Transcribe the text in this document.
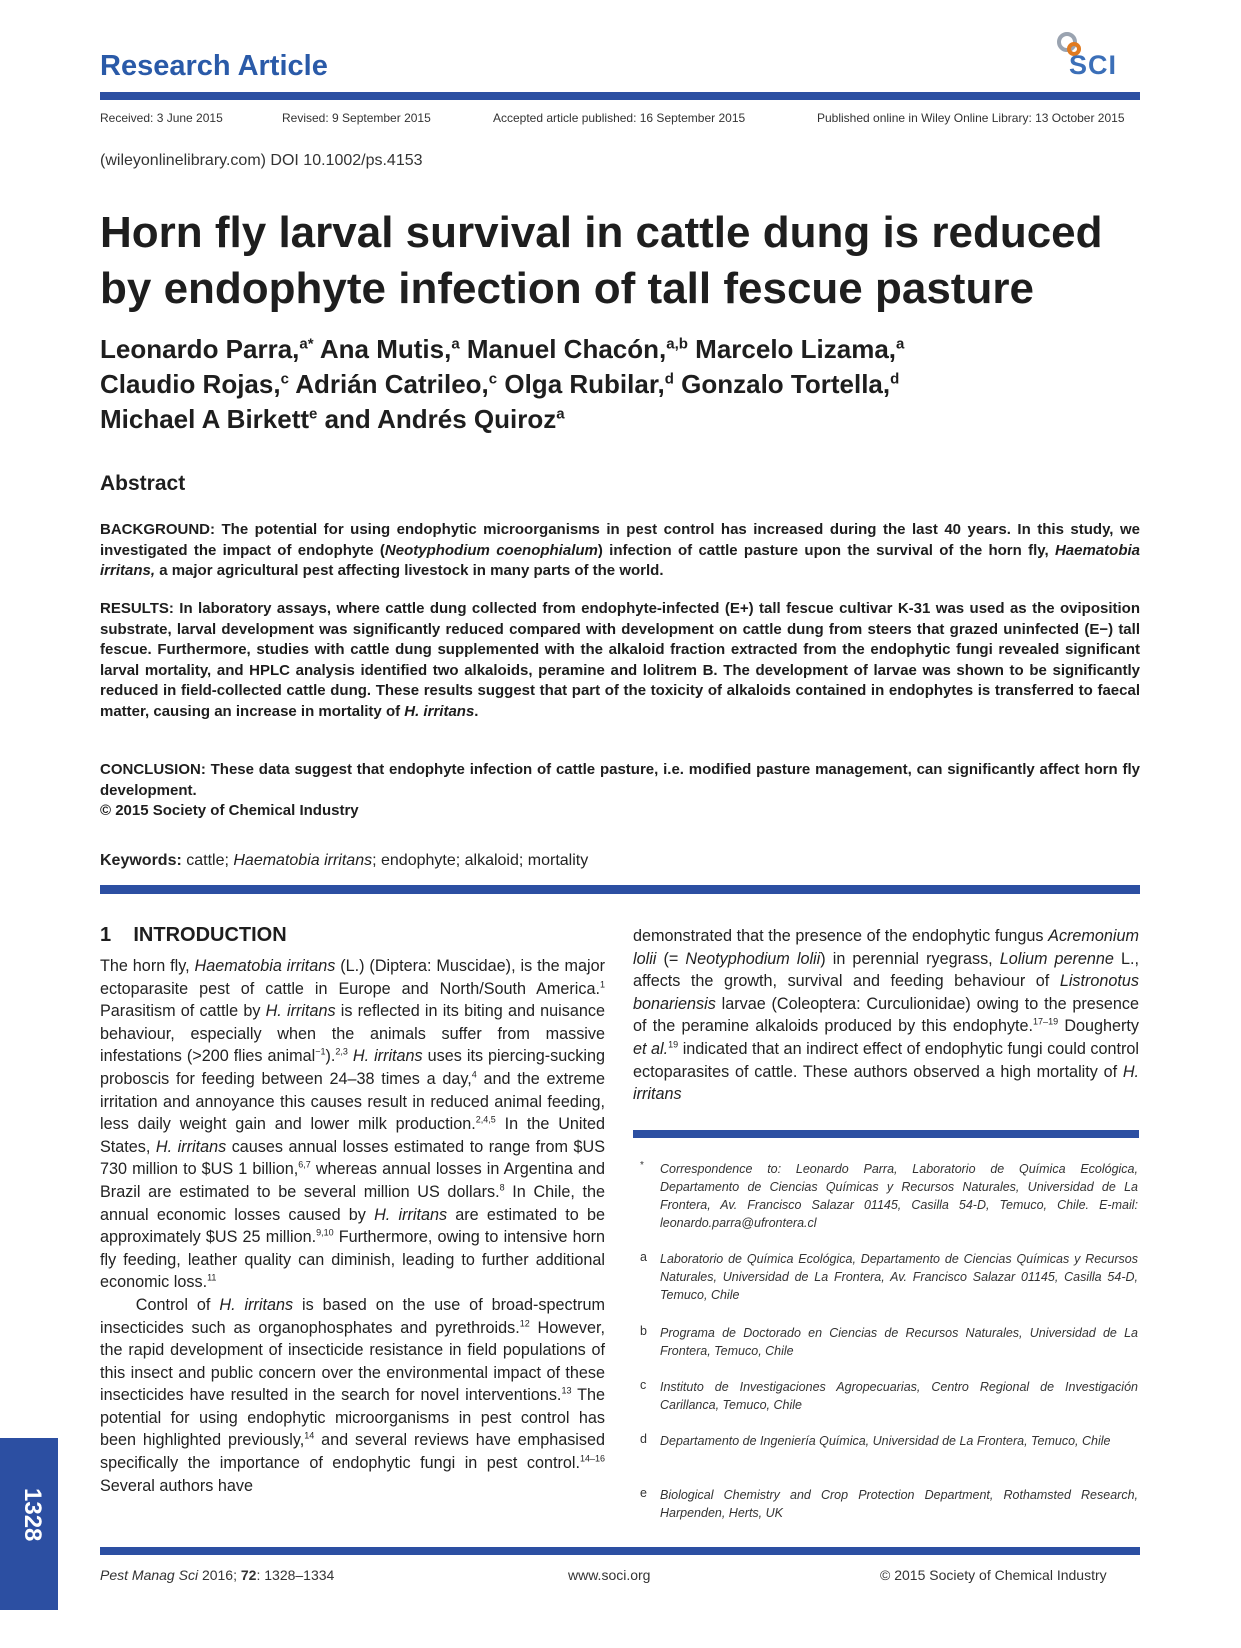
Research Article	SCI
Received: 3 June 2015	Revised: 9 September 2015	Accepted article published: 16 September 2015	Published online in Wiley Online Library: 13 October 2015
(wileyonlinelibrary.com) DOI 10.1002/ps.4153
Horn fly larval survival in cattle dung is reduced by endophyte infection of tall fescue pasture

Leonardo Parra,$^{a*}$ Ana Mutis,$^a$ Manuel Chacón,$^{a,b}$ Marcelo Lizama,$^a$
Claudio Rojas,$^c$ Adrián Catrileo,$^c$ Olga Rubilar,$^d$ Gonzalo Tortella,$^d$
Michael A Birkett$^e$ and Andrés Quiroz$^a$

Abstract

BACKGROUND: The potential for using endophytic microorganisms in pest control has increased during the last 40 years. In this study, we investigated the impact of endophyte (Neotyphodium coenophialum) infection of cattle pasture upon the survival of the horn fly, Haematobia irritans, a major agricultural pest affecting livestock in many parts of the world.

RESULTS: In laboratory assays, where cattle dung collected from endophyte-infected (E+) tall fescue cultivar K-31 was used as the oviposition substrate, larval development was significantly reduced compared with development on cattle dung from steers that grazed uninfected (E−) tall fescue. Furthermore, studies with cattle dung supplemented with the alkaloid fraction extracted from the endophytic fungi revealed significant larval mortality, and HPLC analysis identified two alkaloids, peramine and lolitrem B. The development of larvae was shown to be significantly reduced in field-collected cattle dung. These results suggest that part of the toxicity of alkaloids contained in endophytes is transferred to faecal matter, causing an increase in mortality of H. irritans.

CONCLUSION: These data suggest that endophyte infection of cattle pasture, i.e. modified pasture management, can significantly affect horn fly development.
© 2015 Society of Chemical Industry

Keywords: cattle; Haematobia irritans; endophyte; alkaloid; mortality
1    INTRODUCTION

The horn fly, Haematobia irritans (L.) (Diptera: Muscidae), is the major ectoparasite pest of cattle in Europe and North/South America.$^1$ Parasitism of cattle by H. irritans is reflected in its biting and nuisance behaviour, especially when the animals suffer from massive infestations (>200 flies animal$^{-1}$).$^{2,3}$ H. irritans uses its piercing-sucking proboscis for feeding between 24–38 times a day,$^4$ and the extreme irritation and annoyance this causes result in reduced animal feeding, less daily weight gain and lower milk production.$^{2,4,5}$ In the United States, H. irritans causes annual losses estimated to range from $US 730 million to $US 1 billion,$^{6,7}$ whereas annual losses in Argentina and Brazil are estimated to be several million US dollars.$^8$ In Chile, the annual economic losses caused by H. irritans are estimated to be approximately $US 25 million.$^{9,10}$ Furthermore, owing to intensive horn fly feeding, leather quality can diminish, leading to further additional economic loss.$^{11}$
Control of H. irritans is based on the use of broad-spectrum insecticides such as organophosphates and pyrethroids.$^{12}$ However, the rapid development of insecticide resistance in field populations of this insect and public concern over the environmental impact of these insecticides have resulted in the search for novel interventions.$^{13}$ The potential for using endophytic microorganisms in pest control has been highlighted previously,$^{14}$ and several reviews have emphasised specifically the importance of endophytic fungi in pest control.$^{14-16}$ Several authors have

demonstrated that the presence of the endophytic fungus Acremonium lolii (= Neotyphodium lolii) in perennial ryegrass, Lolium perenne L., affects the growth, survival and feeding behaviour of Listronotus bonariensis larvae (Coleoptera: Curculionidae) owing to the presence of the peramine alkaloids produced by this endophyte.$^{17-19}$ Dougherty et al.$^{19}$ indicated that an indirect effect of endophytic fungi could control ectoparasites of cattle. These authors observed a high mortality of H. irritans

* Correspondence to: Leonardo Parra, Laboratorio de Química Ecológica, Departamento de Ciencias Químicas y Recursos Naturales, Universidad de La Frontera, Av. Francisco Salazar 01145, Casilla 54-D, Temuco, Chile. E-mail: leonardo.parra@ufrontera.cl
a Laboratorio de Química Ecológica, Departamento de Ciencias Químicas y Recursos Naturales, Universidad de La Frontera, Av. Francisco Salazar 01145, Casilla 54-D, Temuco, Chile
b Programa de Doctorado en Ciencias de Recursos Naturales, Universidad de La Frontera, Temuco, Chile
c Instituto de Investigaciones Agropecuarias, Centro Regional de Investigación Carillanca, Temuco, Chile
d Departamento de Ingeniería Química, Universidad de La Frontera, Temuco, Chile
e Biological Chemistry and Crop Protection Department, Rothamsted Research, Harpenden, Herts, UK
1328
Pest Manag Sci 2016; 72: 1328–1334	www.soci.org	© 2015 Society of Chemical Industry
